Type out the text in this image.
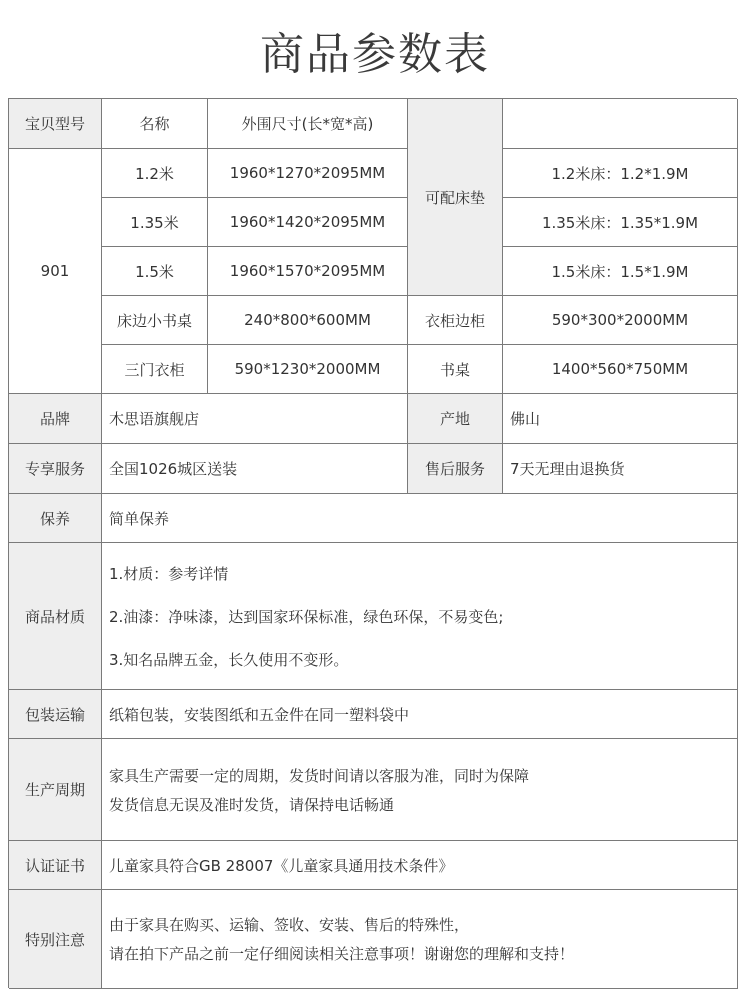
商品参数表
宝贝型号	名称	外围尺寸(长*宽*高)
可配床垫
901
1.2米	1960*1270*2095MM	1.2米床：1.2*1.9M
1.35米	1960*1420*2095MM	1.35米床：1.35*1.9M
1.5米	1960*1570*2095MM	1.5米床：1.5*1.9M
床边小书桌	240*800*600MM	衣柜边柜	590*300*2000MM
三门衣柜	590*1230*2000MM	书桌	1400*560*750MM
品牌	木思语旗舰店	产地	佛山
专享服务	全国1026城区送装	售后服务	7天无理由退换货
保养	简单保养
商品材质
1.材质：参考详情
2.油漆：净味漆，达到国家环保标准，绿色环保，不易变色;
3.知名品牌五金，长久使用不变形。
包装运输	纸箱包装，安装图纸和五金件在同一塑料袋中
生产周期
家具生产需要一定的周期，发货时间请以客服为准，同时为保障
发货信息无误及准时发货，请保持电话畅通
认证证书	儿童家具符合GB 28007《儿童家具通用技术条件》
特别注意
由于家具在购买、运输、签收、安装、售后的特殊性，
请在拍下产品之前一定仔细阅读相关注意事项！谢谢您的理解和支持！
